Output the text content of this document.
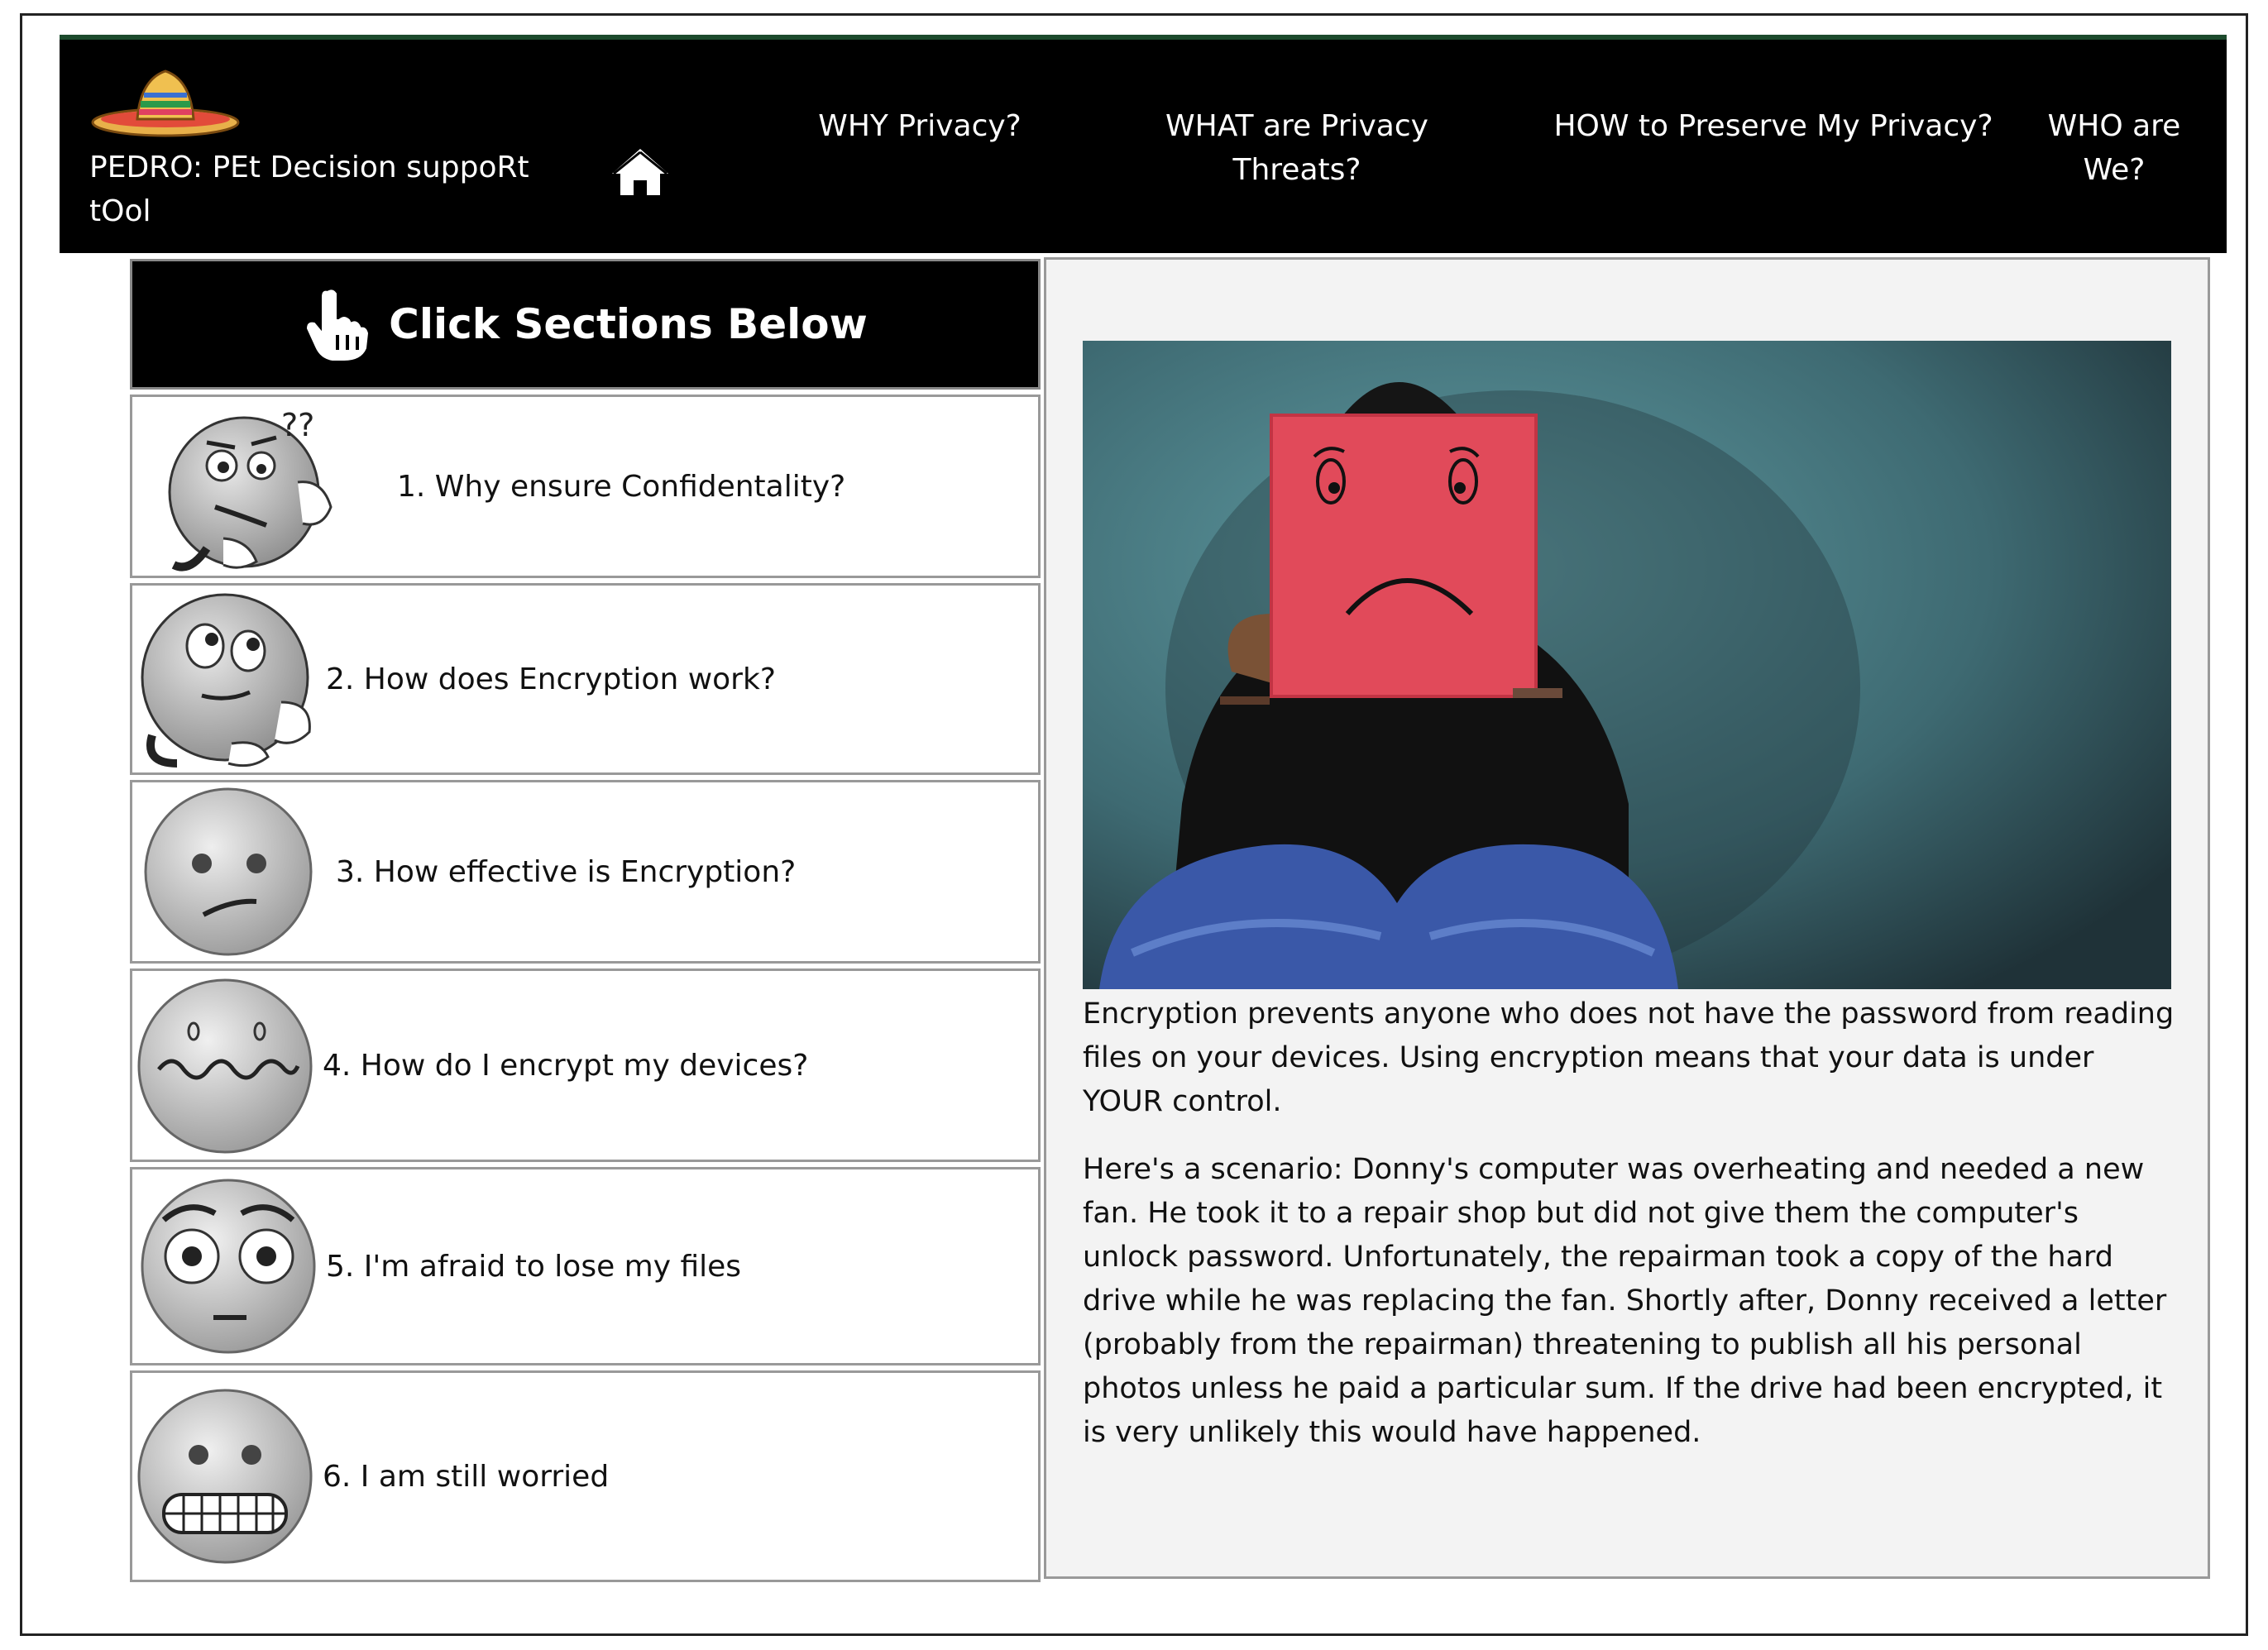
PEDRO: PEt Decision suppoRt tOol
WHY Privacy?	WHAT are Privacy Threats?
HOW to Preserve My Privacy?	WHO are We?
Click Sections Below
??
1. Why ensure Confidentality?
2. How does Encryption work?
3. How effective is Encryption?
4. How do I encrypt my devices?
5. I'm afraid to lose my files
6. I am still worried

Encryption prevents anyone who does not have the password from reading files on your devices. Using encryption means that your data is under YOUR control.

Here's a scenario: Donny's computer was overheating and needed a new fan. He took it to a repair shop but did not give them the computer's unlock password. Unfortunately, the repairman took a copy of the hard drive while he was replacing the fan. Shortly after, Donny received a letter (probably from the repairman) threatening to publish all his personal photos unless he paid a particular sum. If the drive had been encrypted, it is very unlikely this would have happened.
